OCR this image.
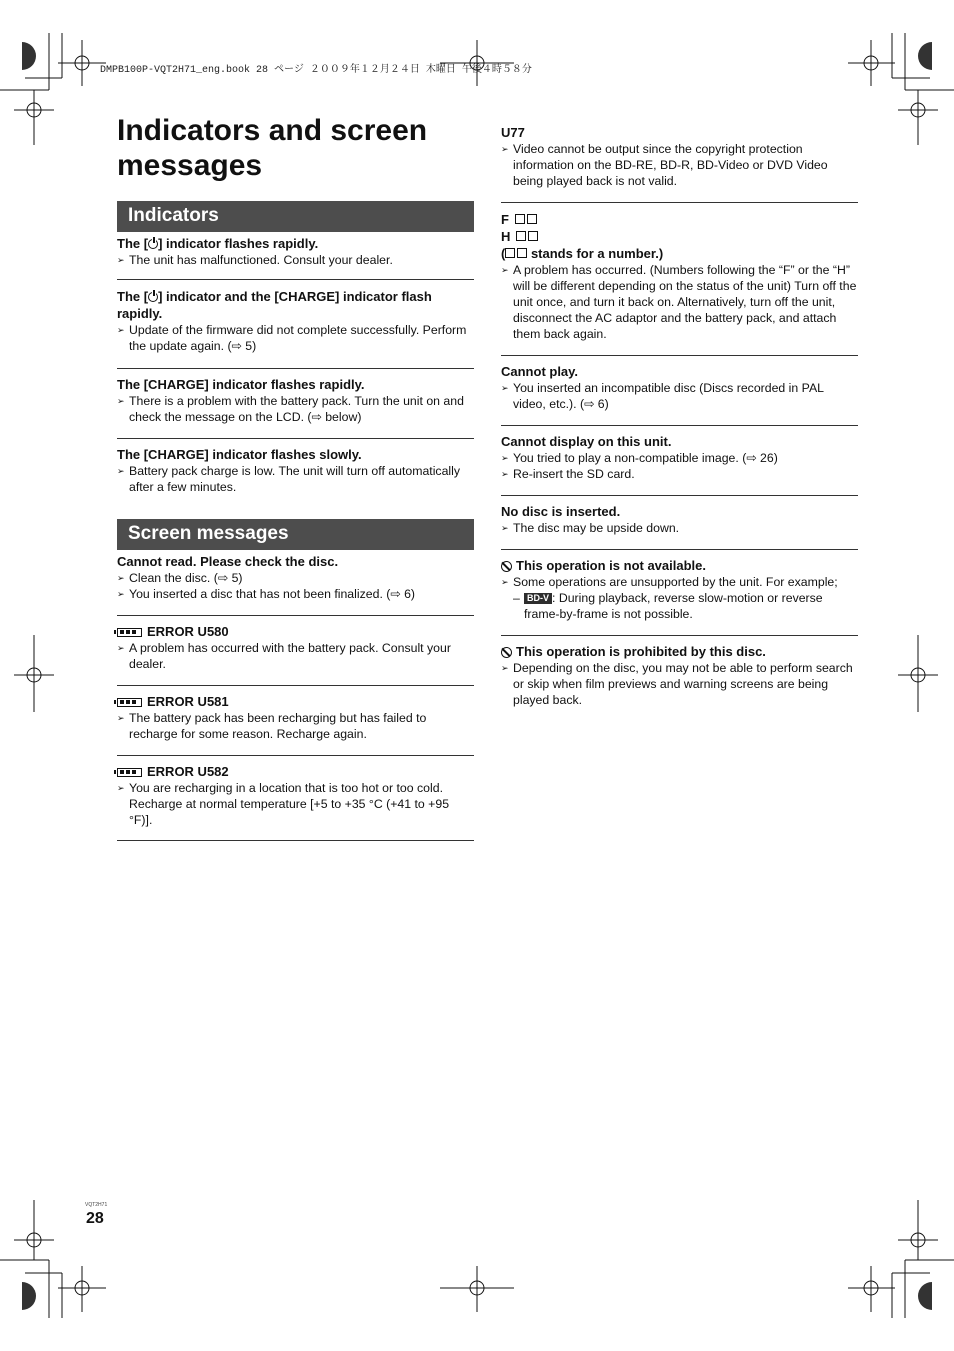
DMPB100P-VQT2H71_eng.book 28 ページ ２００９年１２月２４日 木曜日 午後４時５８分
Indicators and screen messages
Indicators

The [ ] indicator flashes rapidly.

➢ The unit has malfunctioned. Consult your dealer.

The [ ] indicator and the [CHARGE] indicator flash rapidly.

➢ Update of the firmware did not complete successfully. Perform the update again. (⇨ 5)

The [CHARGE] indicator flashes rapidly.

➢ There is a problem with the battery pack. Turn the unit on and check the message on the LCD. (⇨ below)

The [CHARGE] indicator flashes slowly.

➢ Battery pack charge is low. The unit will turn off automatically after a few minutes.

Screen messages

Cannot read. Please check the disc.

➢ Clean the disc. (⇨ 5)

➢ You inserted a disc that has not been finalized. (⇨ 6)

ERROR U580

➢ A problem has occurred with the battery pack. Consult your dealer.

ERROR U581

➢ The battery pack has been recharging but has failed to recharge for some reason. Recharge again.

ERROR U582

➢ You are recharging in a location that is too hot or too cold. Recharge at normal temperature [+5 to +35 °C (+41 to +95 °F)].

U77

➢ Video cannot be output since the copyright protection information on the BD-RE, BD-R, BD-Video or DVD Video being played back is not valid.

F

H

( stands for a number.)

➢ A problem has occurred. (Numbers following the “F” or the “H” will be different depending on the status of the unit) Turn off the unit once, and turn it back on. Alternatively, turn off the unit, disconnect the AC adaptor and the battery pack, and attach them back again.

Cannot play.

➢ You inserted an incompatible disc (Discs recorded in PAL video, etc.). (⇨ 6)

Cannot display on this unit.

➢ You tried to play a non-compatible image. (⇨ 26)

➢ Re-insert the SD card.

No disc is inserted.

➢ The disc may be upside down.

This operation is not available.

➢ Some operations are unsupported by the unit. For example;

– BD-V : During playback, reverse slow-motion or reverse frame-by-frame is not possible.

This operation is prohibited by this disc.

➢ Depending on the disc, you may not be able to perform search or skip when film previews and warning screens are being played back.

VQT2H71
28
